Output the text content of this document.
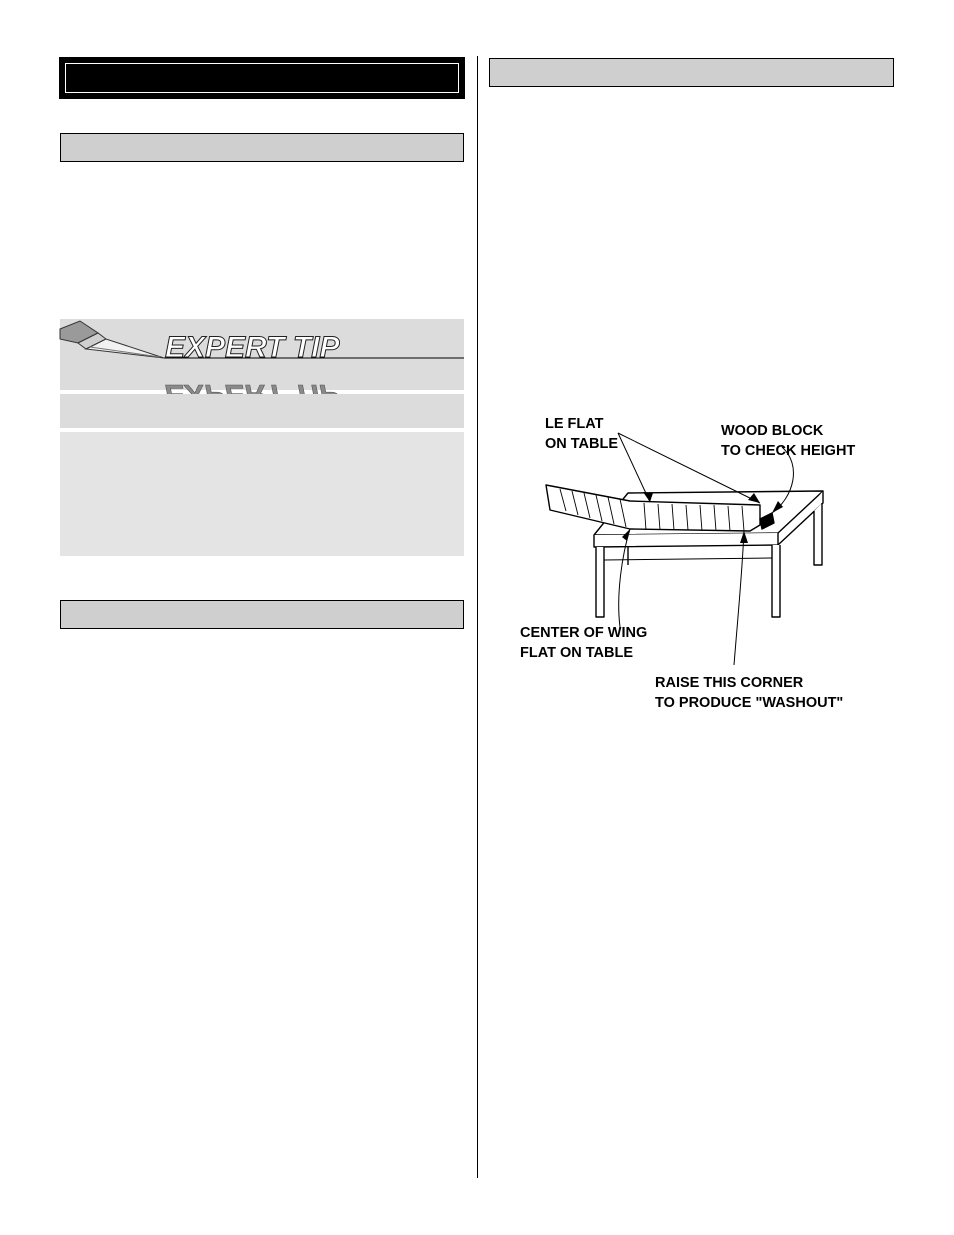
EXPERT TIP
LE FLAT
ON TABLE
WOOD BLOCK
TO CHECK HEIGHT
CENTER OF WING
FLAT ON TABLE
RAISE THIS CORNER
TO PRODUCE "WASHOUT"
